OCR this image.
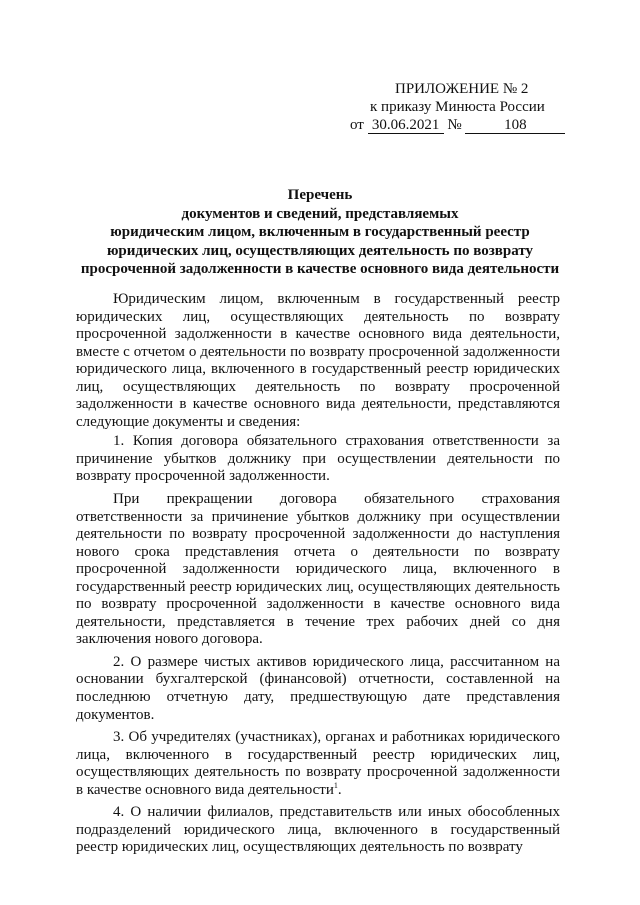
ПРИЛОЖЕНИЕ № 2
к приказу Минюста России
от 30.06.2021 №	108
Перечень
документов и сведений, представляемых
юридическим лицом, включенным в государственный реестр
юридических лиц, осуществляющих деятельность по возврату
просроченной задолженности в качестве основного вида деятельности

Юридическим лицом, включенным в государственный реестр юридических лиц, осуществляющих деятельность по возврату просроченной задолженности в качестве основного вида деятельности, вместе с отчетом о деятельности по возврату просроченной задолженности юридического лица, включенного в государственный реестр юридических лиц, осуществляющих деятельность по возврату просроченной задолженности в качестве основного вида деятельности, представляются следующие документы и сведения:

1. Копия договора обязательного страхования ответственности за причинение убытков должнику при осуществлении деятельности по возврату просроченной задолженности.

При прекращении договора обязательного страхования ответственности за причинение убытков должнику при осуществлении деятельности по возврату просроченной задолженности до наступления нового срока представления отчета о деятельности по возврату просроченной задолженности юридического лица, включенного в государственный реестр юридических лиц, осуществляющих деятельность по возврату просроченной задолженности в качестве основного вида деятельности, представляется в течение трех рабочих дней со дня заключения нового договора.

2. О размере чистых активов юридического лица, рассчитанном на основании бухгалтерской (финансовой) отчетности, составленной на последнюю отчетную дату, предшествующую дате представления документов.

3. Об учредителях (участниках), органах и работниках юридического лица, включенного в государственный реестр юридических лиц, осуществляющих деятельность по возврату просроченной задолженности в качестве основного вида деятельности$^1$.

4. О наличии филиалов, представительств или иных обособленных подразделений юридического лица, включенного в государственный реестр юридических лиц, осуществляющих деятельность по возврату
